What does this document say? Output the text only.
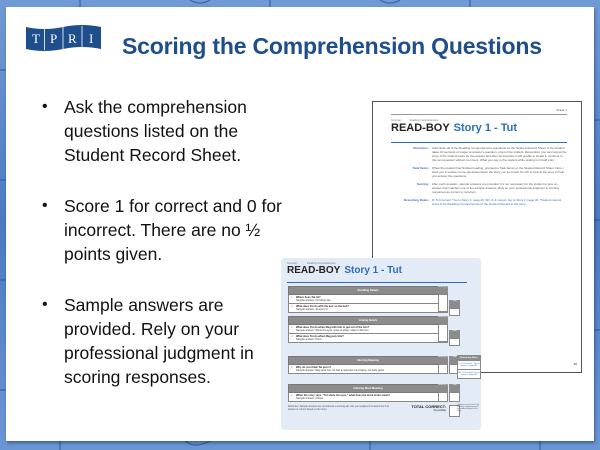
T P R I Scoring the Comprehension Questions
• Ask the comprehension questions listed on the Student Record Sheet.
• Score 1 for correct and 0 for incorrect. There are no ½ points given.
• Sample answers are provided. Rely on your professional judgment in scoring responses.
Grade 1
Inventory	Reading Comprehension
READ-BOY Story 1 - Tut
Directions:	Administer all of the Reading Comprehension questions on the Student Record Sheet. If the student takes 10 seconds or longer to answer a question, prompt the student. Remember, you can look at the story. If the student looks for the answer and after 10 seconds is still unable to locate it, continue to the next question without comment. What you say to the student while testing is in bold print.
Task Items:	When the student has finished reading, proceed to Task Items on the Student Record Sheet. Now, I want you to answer some questions about the story you just read. It's OK to look at the story to help you answer the questions.
Scoring:	After each question, sample answers are provided. It's not necessary for the student to give an answer that matches one of the sample answers. Rely on your professional judgment in scoring responses as correct or incorrect.
Branching Rules:	D: 5–6 correct.* Go to Story 2, page 46. SD: 0–4 correct. Go to Story 2, page 46. *Student cannot score D for Reading Comprehension if the student listened to the story.
45
Inventory	Reading Comprehension
READ-BOY Story 1 - Tut
Recalling Details
1.	Where does Tut sit?
Sample answer: On Meg's lap.
2.	What does Tut do with the box on the bed?
Sample answer: Jumps in it.
Linking Details
3.	What does Tut do when Meg tells him to get out of the box?
Sample answer: Shuts his eyes; goes to sleep; stays in the box.
4.	What does Tut do when Meg pets him?
Sample answer: Purrs.
Inferring Meaning
5.	Why do you think Tut purrs?
Sample answer: Meg pets him; he has a new bed; he's happy; he feels good.
Inferring Word Meaning
6.	When the story says, "Tut shuts his eyes," what does the word shuts mean?
Sample answer: Closes.
Score (0,1)
Total
Score (0,1)
Total
Score (0,1)	Total
Score (0,1)	Total
Branching Rules
D: 5–6 correct.* Go to Story 2, page 46.
SD: 0–4 correct. Go to Story 2, page 46.
*Student cannot score D for Reading Comprehension if the student listened to the story.
Reminder: Sample answers are provided as a scoring aid. Use your judgment to determine if an answer is correct based on the story.
TOTAL CORRECT:
(6 possible)
